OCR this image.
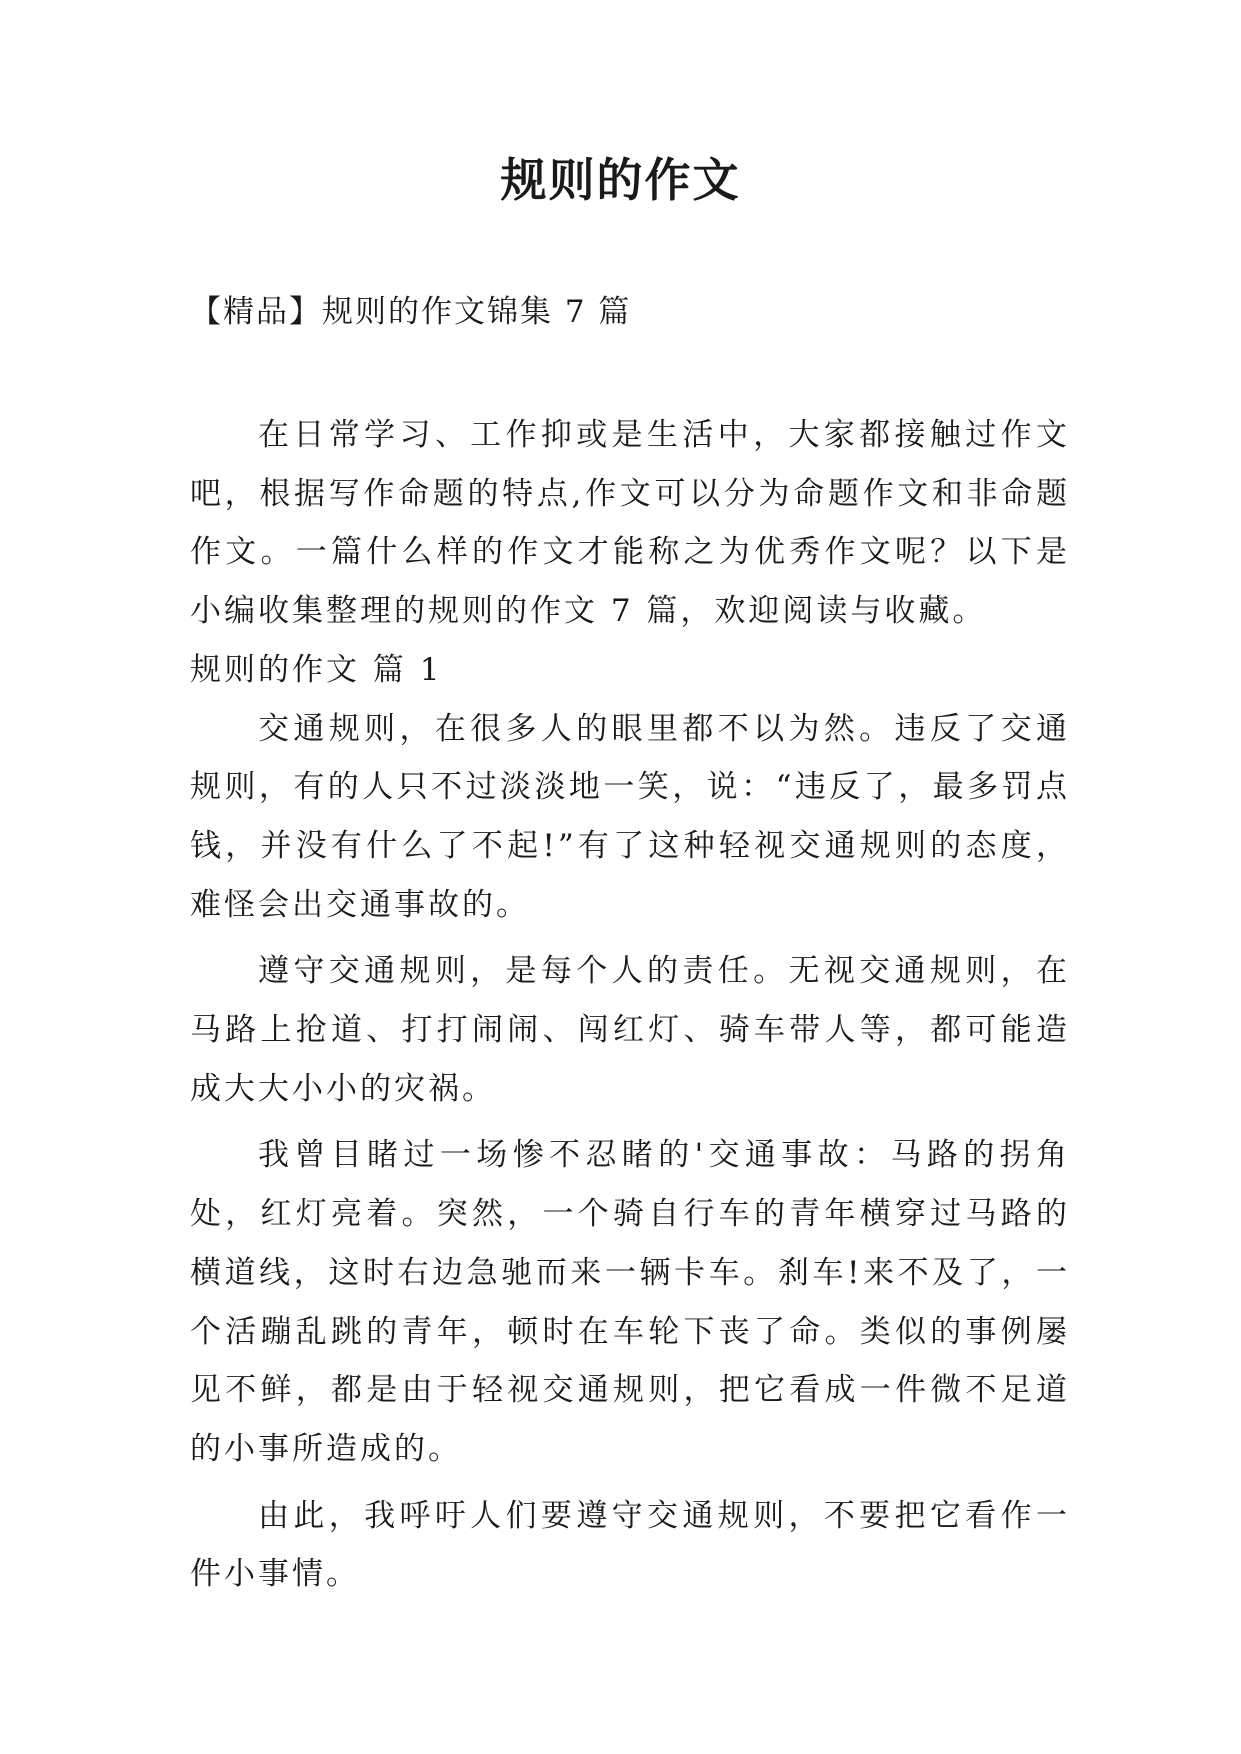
规则的作文

【精品】规则的作文锦集 7 篇

在日常学习、工作抑或是生活中，大家都接触过作文吧，根据写作命题的特点,作文可以分为命题作文和非命题作文。一篇什么样的作文才能称之为优秀作文呢？以下是小编收集整理的规则的作文 7 篇，欢迎阅读与收藏。

规则的作文 篇 1

交通规则，在很多人的眼里都不以为然。违反了交通规则，有的人只不过淡淡地一笑，说：“违反了，最多罚点钱，并没有什么了不起!”有了这种轻视交通规则的态度，难怪会出交通事故的。

遵守交通规则，是每个人的责任。无视交通规则，在马路上抢道、打打闹闹、闯红灯、骑车带人等，都可能造成大大小小的灾祸。

我曾目睹过一场惨不忍睹的'交通事故：马路的拐角处，红灯亮着。突然，一个骑自行车的青年横穿过马路的横道线，这时右边急驰而来一辆卡车。刹车!来不及了，一个活蹦乱跳的青年，顿时在车轮下丧了命。类似的事例屡见不鲜，都是由于轻视交通规则，把它看成一件微不足道的小事所造成的。

由此，我呼吁人们要遵守交通规则，不要把它看作一件小事情。
